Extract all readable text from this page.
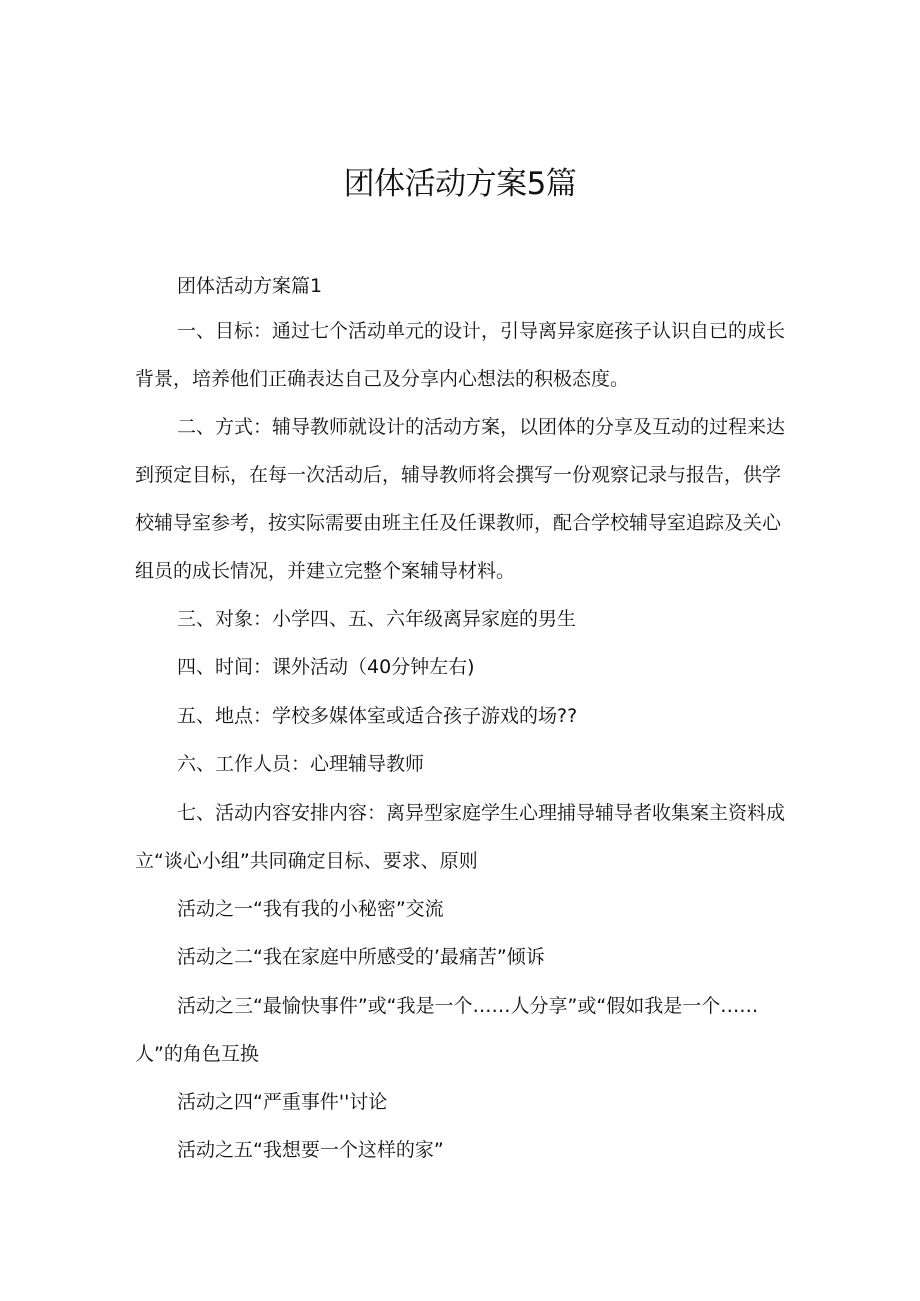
团体活动方案5篇

团体活动方案篇1

一、目标：通过七个活动单元的设计，引导离异家庭孩子认识自已的成长背景，培养他们正确表达自己及分享内心想法的积极态度。

二、方式：辅导教师就设计的活动方案，以团体的分享及互动的过程来达到预定目标，在每一次活动后，辅导教师将会撰写一份观察记录与报告，供学校辅导室参考，按实际需要由班主任及任课教师，配合学校辅导室追踪及关心组员的成长情况，并建立完整个案辅导材料。

三、对象：小学四、五、六年级离异家庭的男生

四、时间：课外活动（40分钟左右)

五、地点：学校多媒体室或适合孩子游戏的场??

六、工作人员：心理辅导教师

七、活动内容安排内容：离异型家庭学生心理捕导辅导者收集案主资料成立“谈心小组”共同确定目标、要求、原则

活动之一“我有我的小秘密”交流

活动之二“我在家庭中所感受的’最痛苦”倾诉

活动之三“最愉快事件”或“我是一个……人分享”或“假如我是一个……人”的角色互换

活动之四“严重事件''讨论

活动之五“我想要一个这样的家”
